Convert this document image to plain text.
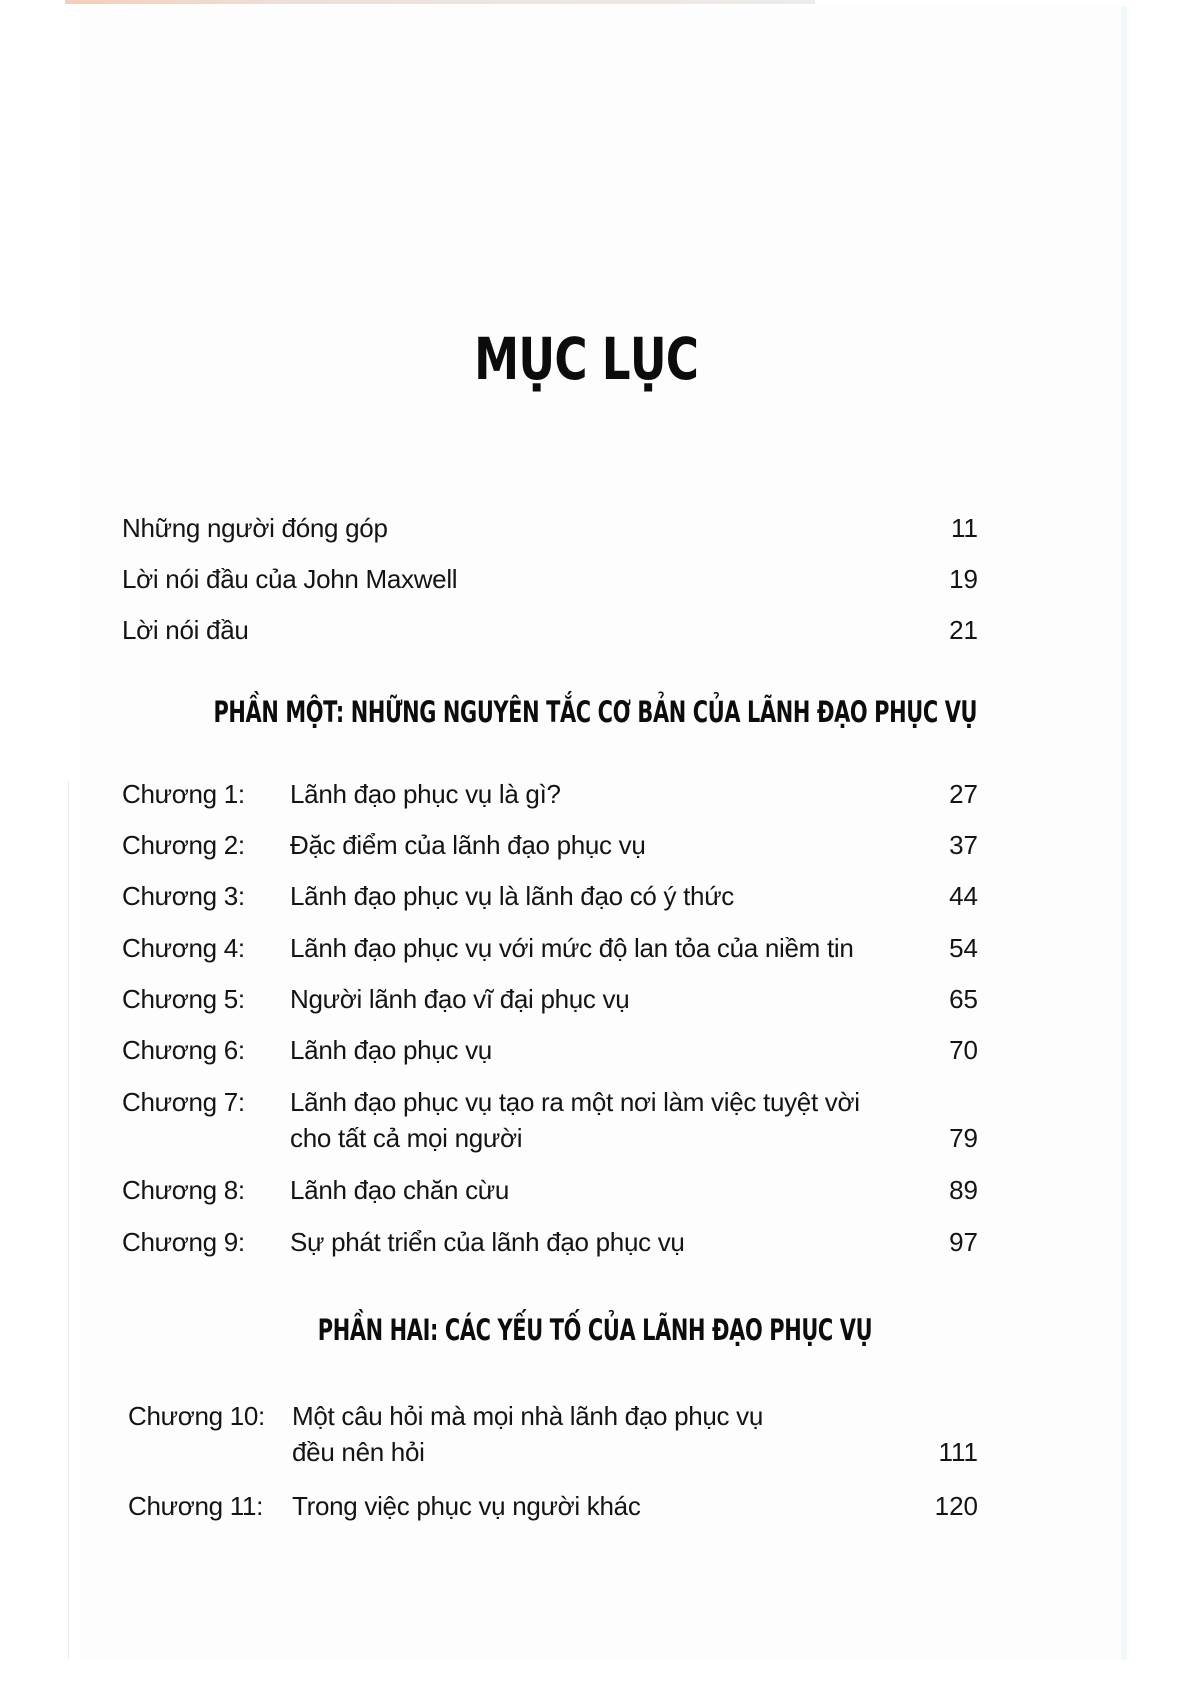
MỤC LỤC
Những người đóng góp	11
Lời nói đầu của John Maxwell	19
Lời nói đầu	21
PHẦN MỘT: NHỮNG NGUYÊN TẮC CƠ BẢN CỦA LÃNH ĐẠO PHỤC VỤ
Chương 1: Lãnh đạo phục vụ là gì?	27
Chương 2: Đặc điểm của lãnh đạo phục vụ	37
Chương 3: Lãnh đạo phục vụ là lãnh đạo có ý thức	44
Chương 4: Lãnh đạo phục vụ với mức độ lan tỏa của niềm tin	54
Chương 5: Người lãnh đạo vĩ đại phục vụ	65
Chương 6: Lãnh đạo phục vụ	70
Chương 7: Lãnh đạo phục vụ tạo ra một nơi làm việc tuyệt vời
cho tất cả mọi người	79
Chương 8: Lãnh đạo chăn cừu	89
Chương 9: Sự phát triển của lãnh đạo phục vụ	97
PHẦN HAI: CÁC YẾU TỐ CỦA LÃNH ĐẠO PHỤC VỤ
Chương 10: Một câu hỏi mà mọi nhà lãnh đạo phục vụ
đều nên hỏi	111
Chương 11: Trong việc phục vụ người khác	120
